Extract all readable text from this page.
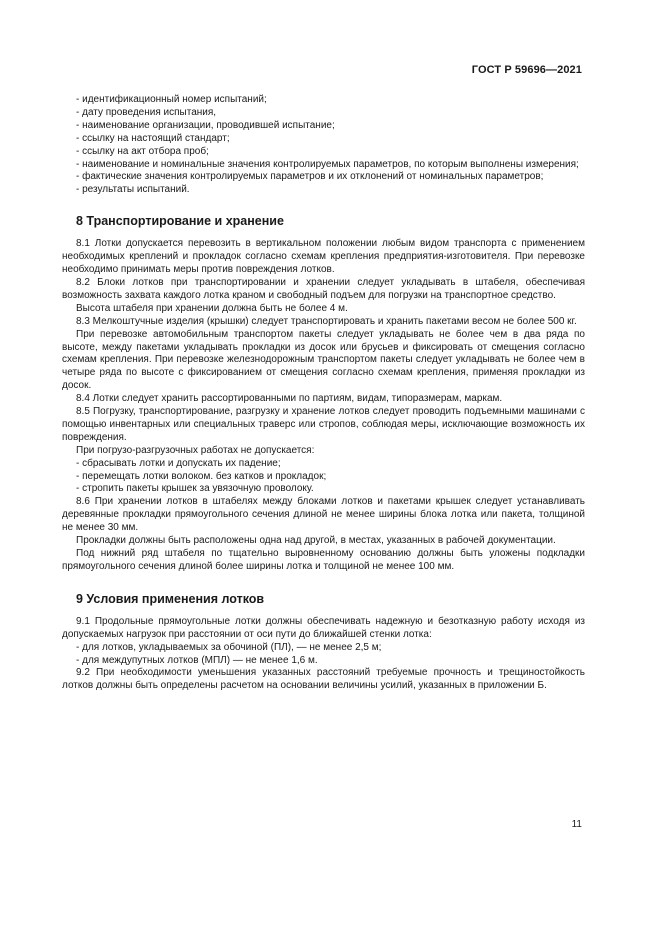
ГОСТ Р 59696—2021
- идентификационный номер испытаний;
- дату проведения испытания,
- наименование организации, проводившей испытание;
- ссылку на настоящий стандарт;
- ссылку на акт отбора проб;
- наименование и номинальные значения контролируемых параметров, по которым выполнены измерения;
- фактические значения контролируемых параметров и их отклонений от номинальных параметров;
- результаты испытаний.
8 Транспортирование и хранение
8.1 Лотки допускается перевозить в вертикальном положении любым видом транспорта с применением необходимых креплений и прокладок согласно схемам крепления предприятия-изготовителя. При перевозке необходимо принимать меры против повреждения лотков.
8.2 Блоки лотков при транспортировании и хранении следует укладывать в штабеля, обеспечивая возможность захвата каждого лотка краном и свободный подъем для погрузки на транспортное средство.
Высота штабеля при хранении должна быть не более 4 м.
8.3 Мелкоштучные изделия (крышки) следует транспортировать и хранить пакетами весом не более 500 кг.
При перевозке автомобильным транспортом пакеты следует укладывать не более чем в два ряда по высоте, между пакетами укладывать прокладки из досок или брусьев и фиксировать от смещения согласно схемам крепления. При перевозке железнодорожным транспортом пакеты следует укладывать не более чем в четыре ряда по высоте с фиксированием от смещения согласно схемам крепления, применяя прокладки из досок.
8.4 Лотки следует хранить рассортированными по партиям, видам, типоразмерам, маркам.
8.5 Погрузку, транспортирование, разгрузку и хранение лотков следует проводить подъемными машинами с помощью инвентарных или специальных траверс или стропов, соблюдая меры, исключающие возможность их повреждения.
При погрузо-разгрузочных работах не допускается:
- сбрасывать лотки и допускать их падение;
- перемещать лотки волоком. без катков и прокладок;
- стропить пакеты крышек за увязочную проволоку.
8.6 При хранении лотков в штабелях между блоками лотков и пакетами крышек следует устанавливать деревянные прокладки прямоугольного сечения длиной не менее ширины блока лотка или пакета, толщиной не менее 30 мм.
Прокладки должны быть расположены одна над другой, в местах, указанных в рабочей документации.
Под нижний ряд штабеля по тщательно выровненному основанию должны быть уложены подкладки прямоугольного сечения длиной более ширины лотка и толщиной не менее 100 мм.
9 Условия применения лотков
9.1 Продольные прямоугольные лотки должны обеспечивать надежную и безотказную работу исходя из допускаемых нагрузок при расстоянии от оси пути до ближайшей стенки лотка:
- для лотков, укладываемых за обочиной (ПЛ), — не менее 2,5 м;
- для междупутных лотков (МПЛ) — не менее 1,6 м.
9.2 При необходимости уменьшения указанных расстояний требуемые прочность и трещиностойкость лотков должны быть определены расчетом на основании величины усилий, указанных в приложении Б.
11
